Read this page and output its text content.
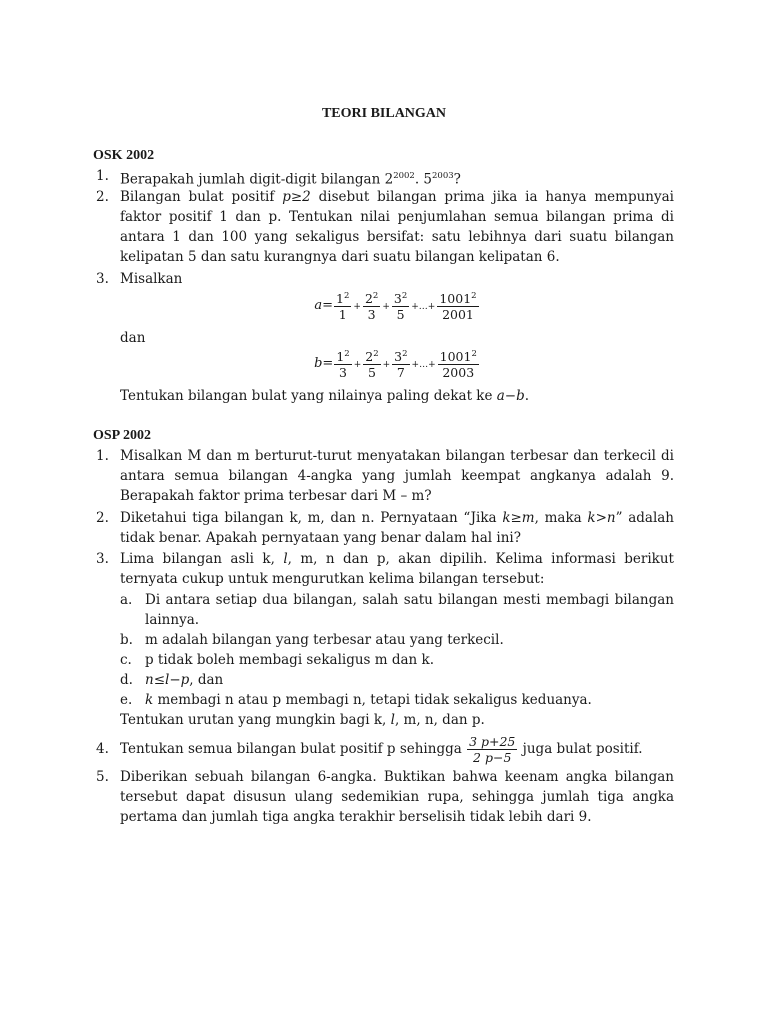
TEORI BILANGAN
OSK 2002
1. Berapakah jumlah digit-digit bilangan $2^{2002}$. $5^{2003}$?
2. Bilangan bulat positif p≥2 disebut bilangan prima jika ia hanya mempunyai faktor positif 1 dan p. Tentukan nilai penjumlahan semua bilangan prima di antara 1 dan 100 yang sekaligus bersifat: satu lebihnya dari suatu bilangan kelipatan 5 dan satu kurangnya dari suatu bilangan kelipatan 6.
3. Misalkan
$a= \frac{1^2}{1} + \frac{2^2}{3} + \frac{3^2}{5}$ +…+ $\frac{1001^2}{2001}$
dan
$b= \frac{1^2}{3} + \frac{2^2}{5} + \frac{3^2}{7}$ +…+ $\frac{1001^2}{2003}$
Tentukan bilangan bulat yang nilainya paling dekat ke a−b.
OSP 2002
1. Misalkan M dan m berturut-turut menyatakan bilangan terbesar dan terkecil di antara semua bilangan 4-angka yang jumlah keempat angkanya adalah 9. Berapakah faktor prima terbesar dari M – m?
2. Diketahui tiga bilangan k, m, dan n. Pernyataan “Jika k≥m, maka k>n” adalah tidak benar. Apakah pernyataan yang benar dalam hal ini?
3. Lima bilangan asli k, l, m, n dan p, akan dipilih. Kelima informasi berikut ternyata cukup untuk mengurutkan kelima bilangan tersebut:
a. Di antara setiap dua bilangan, salah satu bilangan mesti membagi bilangan lainnya.
b. m adalah bilangan yang terbesar atau yang terkecil.
c. p tidak boleh membagi sekaligus m dan k.
d. n≤l−p, dan
e. k membagi n atau p membagi n, tetapi tidak sekaligus keduanya.
Tentukan urutan yang mungkin bagi k, l, m, n, dan p.
4. Tentukan semua bilangan bulat positif p sehingga $\frac{3 p+25}{2 p-5}$ juga bulat positif.
5. Diberikan sebuah bilangan 6-angka. Buktikan bahwa keenam angka bilangan tersebut dapat disusun ulang sedemikian rupa, sehingga jumlah tiga angka pertama dan jumlah tiga angka terakhir berselisih tidak lebih dari 9.
